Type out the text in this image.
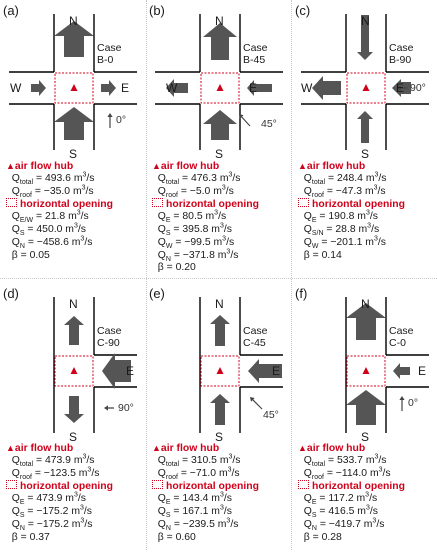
(a)
Case
B-0
N
S
E
W
0°
▲air flow hub
$Q_{total} = 493.6$ $m^3/s$
$Q_{roof} = -35.0$ $m^3/s$
horizontal opening
$Q_{E/W} = 21.8$ $m^3/s$
$Q_S = 450.0$ $m^3/s$
$Q_N = -458.6$ $m^3/s$
β = 0.05
(b)
Case
B-45
N
S
E
W
45°
▲air flow hub
$Q_{total} = 476.3$ $m^3/s$
$Q_{roof} = -5.0$ $m^3/s$
horizontal opening
$Q_E = 80.5$ $m^3/s$
$Q_S = 395.8$ $m^3/s$
$Q_W = -99.5$ $m^3/s$
$Q_N = -371.8$ $m^3/s$
β = 0.20
(c)
Case
B-90
N
S
E
W	90°
▲air flow hub
$Q_{total} = 248.4$ $m^3/s$
$Q_{roof} = -47.3$ $m^3/s$
horizontal opening
$Q_E = 190.8$ $m^3/s$
$Q_{S/N} = 28.8$ $m^3/s$
$Q_W = -201.1$ $m^3/s$
β = 0.14
(d)
Case
C-90
N
S
E
90°
▲air flow hub
$Q_{total} = 473.9$ $m^3/s$
$Q_{roof} = -123.5$ $m^3/s$
horizontal opening
$Q_E = 473.9$ $m^3/s$
$Q_S = -175.2$ $m^3/s$
$Q_N = -175.2$ $m^3/s$
β = 0.37
(e)
Case
C-45
N
S
E
45°
▲air flow hub
$Q_{total} = 310.5$ $m^3/s$
$Q_{roof} = -71.0$ $m^3/s$
horizontal opening
$Q_E = 143.4$ $m^3/s$
$Q_S = 167.1$ $m^3/s$
$Q_N = -239.5$ $m^3/s$
β = 0.60
(f)
Case
C-0
N
S
E
0°
▲air flow hub
$Q_{total} = 533.7$ $m^3/s$
$Q_{roof} = -114.0$ $m^3/s$
horizontal opening
$Q_E = 117.2$ $m^3/s$
$Q_S = 416.5$ $m^3/s$
$Q_N = -419.7$ $m^3/s$
β = 0.28
